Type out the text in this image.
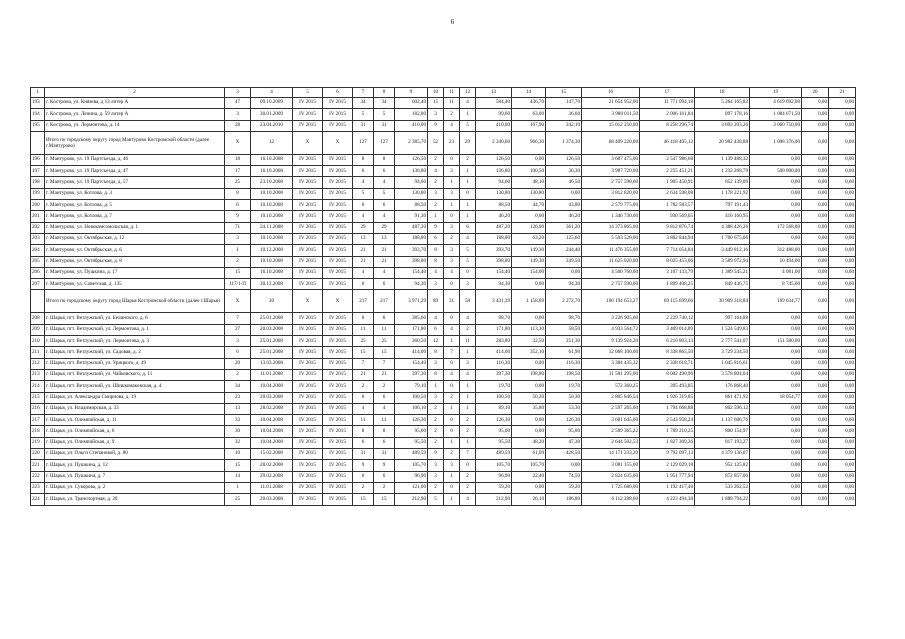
6
1	2	3	4	5	6	7	8	9	10	11	12	13	14	15	16	17	18	19	20	21
193	г. Кострома, ул. Князева, д 13 литер А	47	09.10.2009	IV 2015	IV 2015	34	34	602,40	15	11	4	584,40	436,70	147,70	21 654 952,00	11 771 094,18	5 264 165,82	4 619 692,00	0,00	0,00
194	г. Кострома, ул. Ленина, д. 59 литер А	3	30.01.2009	IV 2015	IV 2015	5	5	182,80	3	2	1	99,60	63,00	36,60	3 988 011,50	2 006 161,84	897 178,16	1 084 671,50	0,00	0,00
195	г. Кострома, ул. Лермонтова, д. 14	28	23.04.2010	IV 2015	IV 2015	31	31	410,00	9	4	5	410,00	167,90	242,10	15 012 250,00	8 258 296,74	3 693 203,26	3 060 750,00	0,00	0,00
	Итого по городскому округу город Мантурово Костромской области (далее г.Мантурово)	X	12	X	X	127	127	2 385,70	52	23	29	2 340,60	966,30	1 374,30	68 409 220,00	46 418 405,12	20 982 438,88	1 008 376,00	0,00	0,00
196	г. Мантурово, ул. 19 Партсъезда, д. 46	18	16.10.2008	IV 2015	IV 2015	8	8	126,50	2	0	2	126,50	0,00	126,50	3 687 475,00	2 547 986,68	1 139 488,32	0,00	0,00	0,00
197	г. Мантурово, ул. 19 Партсъезда, д. 47	17	16.10.2008	IV 2015	IV 2015	6	6	136,80	4	3	1	136,80	100,50	36,30	3 987 720,00	2 255 451,21	1 232 268,79	500 000,00	0,00	0,00
198	г. Мантурово, ул. 19 Партсъезда, д. 57	25	23.10.2008	IV 2015	IV 2015	4	4	94,60	2	1	1	94,60	48,10	46,50	2 757 590,00	1 905 450,91	852 139,09	0,00	0,00	0,00
199	г. Мантурово, ул. Котлова, д. 3	8	10.10.2008	IV 2015	IV 2015	5	5	130,80	3	3	0	130,80	130,80	0,00	3 812 820,00	2 634 598,08	1 178 221,92	0,00	0,00	0,00
200	г. Мантурово, ул. Котлова, д. 5	6	10.10.2008	IV 2015	IV 2015	6	6	88,50	2	1	1	88,50	44,70	43,80	2 579 775,00	1 782 583,57	797 191,43	0,00	0,00	0,00
201	г. Мантурово, ул. Котлова, д. 7	9	10.10.2008	IV 2015	IV 2015	4	4	91,30	1	0	1	46,20	0,00	46,20	1 346 730,00	930 569,05	416 160,95	0,00	0,00	0,00
202	г. Мантурово, ул. Новокомсомольская, д. 1	71	24.11.2008	IV 2015	IV 2015	29	29	487,20	9	3	6	487,20	126,00	361,20	14 373 865,00	9 812 870,74	4 388 426,26	172 568,00	0,00	0,00
203	г. Мантурово, ул. Октябрьская, д. 12	3	10.10.2008	IV 2015	IV 2015	13	13	188,80	6	2	4	188,80	63,20	125,60	5 503 520,00	3 802 844,94	1 700 675,06	0,00	0,00	0,00
204	г. Мантурово, ул. Октябрьская, д. 6	1	10.12.2008	IV 2015	IV 2015	21	21	393,70	8	3	5	393,70	149,30	244,40	11 476 355,00	7 714 054,84	3 449 812,16	312 488,00	0,00	0,00
205	г. Мантурово, ул. Октябрьская, д. 8	2	10.10.2008	IV 2015	IV 2015	21	21	398,80	8	3	5	398,80	149,30	249,50	11 625 020,00	8 025 453,06	3 589 072,94	10 494,00	0,00	0,00
206	г. Мантурово, ул. Пушкина, д. 17	15	16.10.2008	IV 2015	IV 2015	4	4	154,40	4	4	0	154,40	154,00	0,00	4 500 760,00	3 107 133,79	1 389 545,21	4 081,00	0,00	0,00
207	г. Мантурово, ул. Советская, д. 135	117/1-П	30.12.2008	IV 2015	IV 2015	6	6	94,30	3	0	3	94,30	0,00	94,30	2 757 590,00	1 899 408,25	849 436,75	8 745,00	0,00	0,00
	Итого по городскому округу город Шарья Костромской области (далее г.Шарья)	X	20	X	X	217	217	3 971,29	89	31	58	3 431,39	1 158,69	2 272,70	100 194 653,27	69 115 699,66	30 909 318,84	169 634,77	0,00	0,00
208	г. Шарья, пгт. Ветлужский, ул. Белинского, д. 6	7	25.01.2008	IV 2015	IV 2015	6	6	385,60	4	0	4	98,70	0,00	98,70	3 226 905,00	2 229 740,12	997 164,88	0,00	0,00	0,00
209	г. Шарья, пгт. Ветлужский, ул. Лермонтова, д. 1	27	20.03.2008	IV 2015	IV 2015	11	11	171,80	6	4	2	171,80	113,30	58,50	4 933 564,72	3 409 014,89	1 524 549,83	0,00	0,00	0,00
210	г. Шарья, пгт. Ветлужский, ул. Лермонтова, д. 3	3	25.01.2008	IV 2015	IV 2015	25	25	360,50	12	1	11	283,80	32,50	251,30	9 139 924,20	6 210 803,13	2 777 541,07	151 580,00	0,00	0,00
211	г. Шарья, пгт. Ветлужский, ул. Садовая, д. 2	6	25.01.2008	IV 2015	IV 2015	15	15	414,00	8	7	1	414,00	352,10	61,90	12 068 100,00	8 338 865,50	3 729 234,50	0,00	0,00	0,00
212	г. Шарья, пгт. Ветлужский, ул. Урицкого, д. 49	20	13.03.2008	IV 2015	IV 2015	7	7	154,40	3	0	3	116,30	0,00	116,30	3 384 435,32	2 338 618,71	1 045 816,61	0,00	0,00	0,00
213	г. Шарья, пгт. Ветлужский, ул. Чайковского, д. 11	2	11.01.2008	IV 2015	IV 2015	21	21	397,30	8	4	4	397,30	198,80	198,50	11 581 295,00	8 002 490,96	3 578 804,04	0,00	0,00	0,00
214	г. Шарья, пгт. Ветлужский, ул. Шишкомаковская, д. 4	34	10.04.2008	IV 2015	IV 2015	2	2	79,10	1	0	1	19,70	0,00	19,70	572 360,25	395 493,85	176 868,40	0,00	0,00	0,00
215	г. Шарья, ул. Александра Смирнова, д. 19	23	20.03.2008	IV 2015	IV 2015	6	6	100,50	3	2	1	100,50	50,20	50,30	2 805 846,54	1 926 319,85	861 471,92	18 054,77	0,00	0,00
216	г. Шарья, ул. Владимирская, д. 33	13	28.02.2008	IV 2015	IV 2015	4	4	106,10	2	1	1	89,10	35,80	53,30	2 597 265,00	1 794 668,88	802 596,12	0,00	0,00	0,00
217	г. Шарья, ул. Олимпийская, д. 11	33	10.04.2008	IV 2015	IV 2015	11	11	126,30	2	0	2	126,30	0,00	126,30	3 681 645,00	2 543 958,24	1 137 686,76	0,00	0,00	0,00
218	г. Шарья, ул. Олимпийская, д. 6	30	10.04.2008	IV 2015	IV 2015	8	8	95,00	2	0	2	95,00	0,00	95,00	2 589 365,22	1 789 210,25	800 154,97	0,00	0,00	0,00
219	г. Шарья, ул. Олимпийская, д. 9	32	10.04.2008	IV 2015	IV 2015	6	6	95,50	2	1	1	95,50	48,20	47,30	2 644 502,53	1 827 309,26	817 193,27	0,00	0,00	0,00
220	г. Шарья, ул. Ольги Степановой, д. 80	10	15.02.2008	IV 2015	IV 2015	31	31	489,59	9	2	7	489,59	61,09	428,50	14 171 233,20	9 792 097,13	4 379 136,07	0,00	0,00	0,00
221	г. Шарья, ул. Пушкина, д. 12	15	28.02.2008	IV 2015	IV 2015	9	9	105,70	3	3	0	105,70	105,70	0,00	3 081 155,00	2 129 029,18	952 125,82	0,00	0,00	0,00
222	г. Шарья, ул. Пушкина, д. 7	14	29.02.2008	IV 2015	IV 2015	6	6	96,90	3	1	2	96,90	22,40	74,50	2 824 635,00	1 951 777,94	872 857,06	0,00	0,00	0,00
223	г. Шарья, ул. Суворова, д. 2	1	11.01.2008	IV 2015	IV 2015	2	2	121,00	2	0	2	59,20	0,00	59,20	1 725 680,00	1 192 417,48	533 262,52	0,00	0,00	0,00
224	г. Шарья, ул. Транспортная, д. 20	25	20.03.2008	IV 2015	IV 2015	15	15	212,90	5	1	4	212,90	26,10	186,80	6 112 288,60	4 223 494,38	1 888 794,22	0,00	0,00	0,00
